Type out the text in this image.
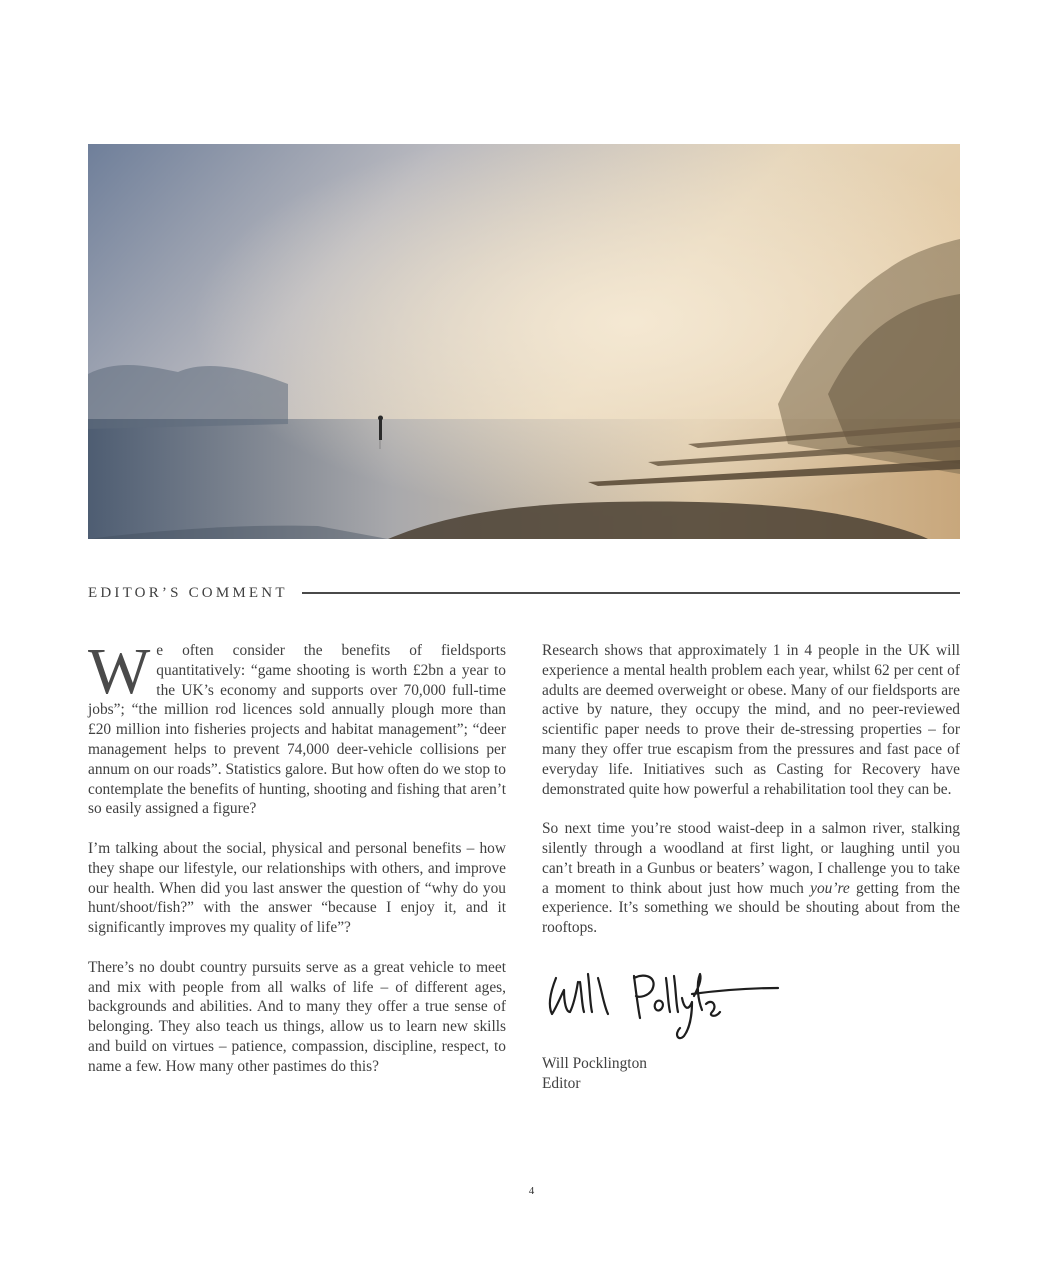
EDITOR’S COMMENT

We often consider the benefits of fieldsports quantitatively: “game shooting is worth £2bn a year to the UK’s economy and supports over 70,000 full-time jobs”; “the million rod licences sold annually plough more than £20 million into fisheries projects and habitat management”; “deer management helps to prevent 74,000 deer-vehicle collisions per annum on our roads”. Statistics galore. But how often do we stop to contemplate the benefits of hunting, shooting and fishing that aren’t so easily assigned a figure?

I’m talking about the social, physical and personal benefits – how they shape our lifestyle, our relationships with others, and improve our health. When did you last answer the question of “why do you hunt/shoot/fish?” with the answer “because I enjoy it, and it significantly improves my quality of life”?

There’s no doubt country pursuits serve as a great vehicle to meet and mix with people from all walks of life – of different ages, backgrounds and abilities. And to many they offer a true sense of belonging. They also teach us things, allow us to learn new skills and build on virtues – patience, compassion, discipline, respect, to name a few. How many other pastimes do this?

Research shows that approximately 1 in 4 people in the UK will experience a mental health problem each year, whilst 62 per cent of adults are deemed overweight or obese. Many of our fieldsports are active by nature, they occupy the mind, and no peer-reviewed scientific paper needs to prove their de-stressing properties – for many they offer true escapism from the pressures and fast pace of everyday life. Initiatives such as Casting for Recovery have demonstrated quite how powerful a rehabilitation tool they can be.

So next time you’re stood waist-deep in a salmon river, stalking silently through a woodland at first light, or laughing until you can’t breath in a Gunbus or beaters’ wagon, I challenge you to take a moment to think about just how much you’re getting from the experience. It’s something we should be shouting about from the rooftops.

Will Pocklington
Editor
4
